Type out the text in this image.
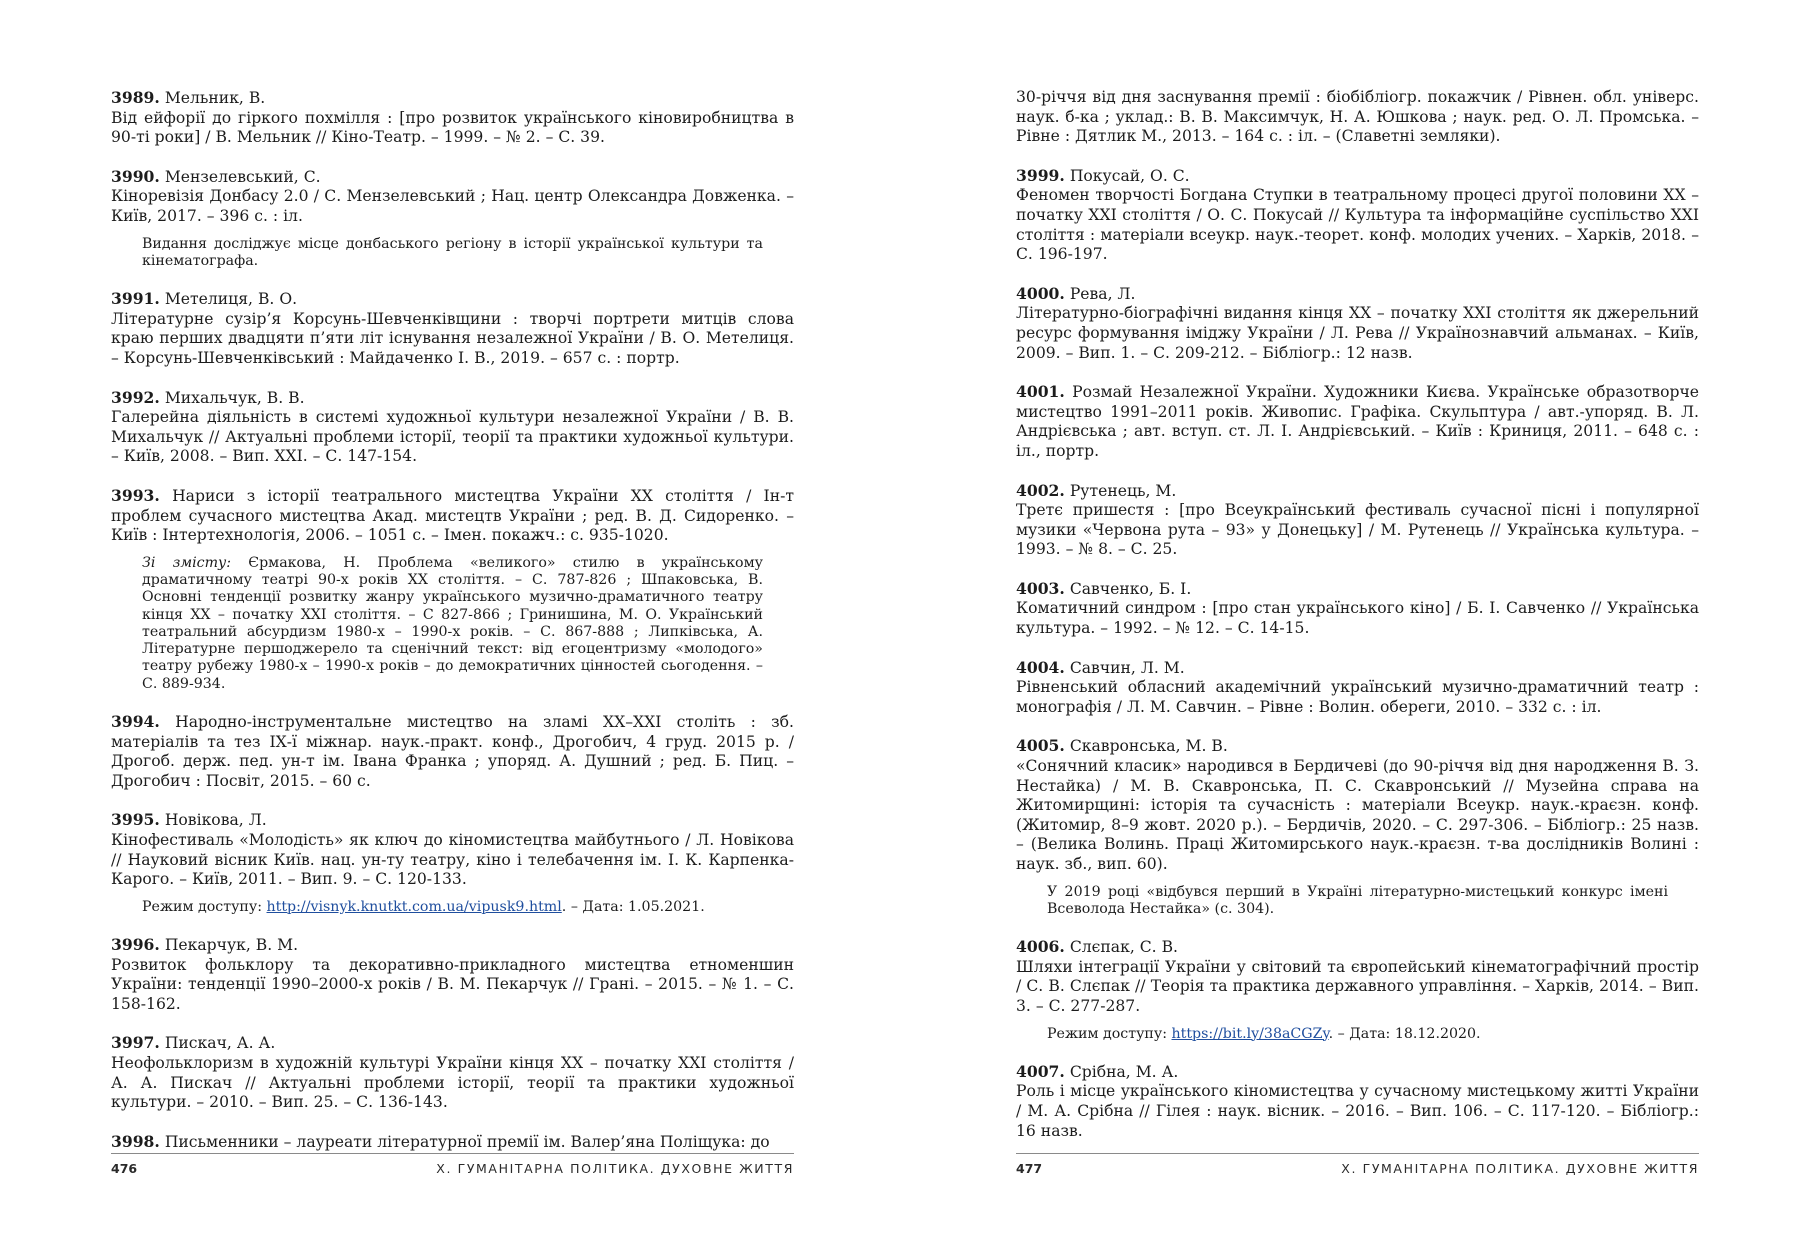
3989. Мельник, В.
Від ейфорії до гіркого похмілля : [про розвиток українського кіновиробництва в 90-ті роки] / В. Мельник // Кіно-Театр. – 1999. – № 2. – С. 39.
3990. Мензелевський, С.
Кіноревізія Донбасу 2.0 / С. Мензелевський ; Нац. центр Олександра Довженка. – Київ, 2017. – 396 с. : іл.
Видання досліджує місце донбаського регіону в історії української культури та кінематографа.
3991. Метелиця, В. О.
Літературне сузір’я Корсунь-Шевченківщини : творчі портрети митців слова краю перших двадцяти п’яти літ існування незалежної України / В. О. Метелиця. – Корсунь-Шевченківський : Майдаченко І. В., 2019. – 657 с. : портр.
3992. Михальчук, В. В.
Галерейна діяльність в системі художньої культури незалежної України / В. В. Михальчук // Актуальні проблеми історії, теорії та практики художньої культури. – Київ, 2008. – Вип. XXI. – С. 147-154.
3993. Нариси з історії театрального мистецтва України XX століття / Ін-т проблем сучасного мистецтва Акад. мистецтв України ; ред. В. Д. Сидоренко. – Київ : Інтертехнологія, 2006. – 1051 с. – Імен. покажч.: с. 935-1020.
Зі змісту: Єрмакова, Н. Проблема «великого» стилю в українському драматичному театрі 90-х років XX століття. – С. 787-826 ; Шпаковська, В. Основні тенденції розвитку жанру українського музично-драматичного театру кінця XX – початку XXI століття. – С 827-866 ; Гринишина, М. О. Український театральний абсурдизм 1980-х – 1990-х років. – С. 867-888 ; Липківська, А. Літературне першоджерело та сценічний текст: від егоцентризму «молодого» театру рубежу 1980-х – 1990-х років – до демократичних цінностей сьогодення. – С. 889-934.
3994. Народно-інструментальне мистецтво на зламі XX–XXI століть : зб. матеріалів та тез ІХ-ї міжнар. наук.-практ. конф., Дрогобич, 4 груд. 2015 р. / Дрогоб. держ. пед. ун-т ім. Івана Франка ; упоряд. А. Душний ; ред. Б. Пиц. – Дрогобич : Посвіт, 2015. – 60 с.
3995. Новікова, Л.
Кінофестиваль «Молодість» як ключ до кіномистецтва майбутнього / Л. Новікова // Науковий вісник Київ. нац. ун-ту театру, кіно і телебачення ім. І. К. Карпенка-Карого. – Київ, 2011. – Вип. 9. – С. 120-133.
Режим доступу: http://visnyk.knutkt.com.ua/vipusk9.html. – Дата: 1.05.2021.
3996. Пекарчук, В. М.
Розвиток фольклору та декоративно-прикладного мистецтва етноменшин України: тенденції 1990–2000-х років / В. М. Пекарчук // Грані. – 2015. – № 1. – С. 158-162.
3997. Пискач, А. А.
Неофольклоризм в художній культурі України кінця XX – початку XXI століття / А. А. Пискач // Актуальні проблеми історії, теорії та практики художньої культури. – 2010. – Вип. 25. – С. 136-143.
3998. Письменники – лауреати літературної премії ім. Валер’яна Поліщука: до
476	X. ГУМАНІТАРНА ПОЛІТИКА. ДУХОВНЕ ЖИТТЯ
30-річчя від дня заснування премії : біобібліогр. покажчик / Рівнен. обл. універс. наук. б-ка ; уклад.: В. В. Максимчук, Н. А. Юшкова ; наук. ред. О. Л. Промська. – Рівне : Дятлик М., 2013. – 164 с. : іл. – (Славетні земляки).
3999. Покусай, О. С.
Феномен творчості Богдана Ступки в театральному процесі другої половини XX – початку XXI століття / О. С. Покусай // Культура та інформаційне суспільство XXI століття : матеріали всеукр. наук.-теорет. конф. молодих учених. – Харків, 2018. – С. 196-197.
4000. Рева, Л.
Літературно-біографічні видання кінця XX – початку XXI століття як джерельний ресурс формування іміджу України / Л. Рева // Українознавчий альманах. – Київ, 2009. – Вип. 1. – С. 209-212. – Бібліогр.: 12 назв.
4001. Розмай Незалежної України. Художники Києва. Українське образотворче мистецтво 1991–2011 років. Живопис. Графіка. Скульптура / авт.-упоряд. В. Л. Андрієвська ; авт. вступ. ст. Л. І. Андрієвський. – Київ : Криниця, 2011. – 648 с. : іл., портр.
4002. Рутенець, М.
Третє пришестя : [про Всеукраїнський фестиваль сучасної пісні і популярної музики «Червона рута – 93» у Донецьку] / М. Рутенець // Українська культура. – 1993. – № 8. – С. 25.
4003. Савченко, Б. І.
Коматичний синдром : [про стан українського кіно] / Б. І. Савченко // Українська культура. – 1992. – № 12. – С. 14-15.
4004. Савчин, Л. М.
Рівненський обласний академічний український музично-драматичний театр : монографія / Л. М. Савчин. – Рівне : Волин. обереги, 2010. – 332 с. : іл.
4005. Скавронська, М. В.
«Сонячний класик» народився в Бердичеві (до 90-річчя від дня народження В. З. Нестайка) / М. В. Скавронська, П. С. Скавронський // Музейна справа на Житомирщині: історія та сучасність : матеріали Всеукр. наук.-краєзн. конф. (Житомир, 8–9 жовт. 2020 р.). – Бердичів, 2020. – С. 297-306. – Бібліогр.: 25 назв. – (Велика Волинь. Праці Житомирського наук.-краєзн. т-ва дослідників Волині : наук. зб., вип. 60).
У 2019 році «відбувся перший в Україні літературно-мистецький конкурс імені Всеволода Нестайка» (с. 304).
4006. Слєпак, С. В.
Шляхи інтеграції України у світовий та європейський кінематографічний простір / С. В. Слєпак // Теорія та практика державного управління. – Харків, 2014. – Вип. 3. – С. 277-287.
Режим доступу: https://bit.ly/38aCGZy. – Дата: 18.12.2020.
4007. Срібна, М. А.
Роль і місце українського кіномистецтва у сучасному мистецькому житті України / М. А. Срібна // Гілея : наук. вісник. – 2016. – Вип. 106. – С. 117-120. – Бібліогр.: 16 назв.
477	X. ГУМАНІТАРНА ПОЛІТИКА. ДУХОВНЕ ЖИТТЯ
